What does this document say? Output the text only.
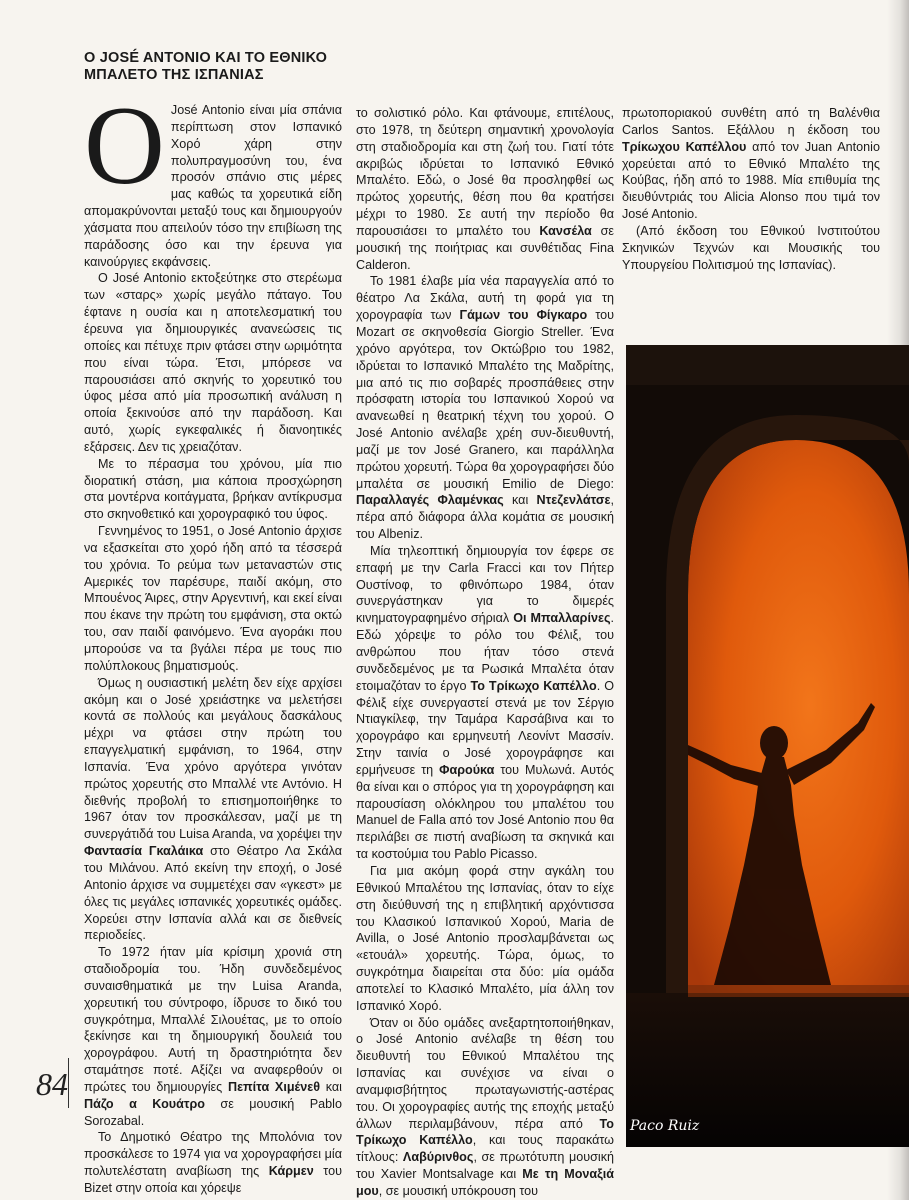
Ο JOSÉ ANTONIO ΚΑΙ ΤΟ ΕΘΝΙΚΟ
ΜΠΑΛΕΤΟ ΤΗΣ ΙΣΠΑΝΙΑΣ

Ο José Antonio είναι μία σπάνια περίπτωση στον Ισπανικό Χορό χάρη στην πολυπραγμοσύνη του, ένα προσόν σπάνιο στις μέρες μας καθώς τα χορευτικά είδη απομακρύνονται μεταξύ τους και δημιουργούν χάσματα που απειλούν τόσο την επιβίωση της παράδοσης όσο και την έρευνα για καινούργιες εκφάνσεις.

Ο José Antonio εκτοξεύτηκε στο στερέωμα των «σταρς» χωρίς μεγάλο πάταγο. Του έφτανε η ουσία και η αποτελεσματική του έρευνα για δημιουργικές ανανεώσεις τις οποίες και πέτυχε πριν φτάσει στην ωριμότητα που είναι τώρα. Έτσι, μπόρεσε να παρουσιάσει από σκηνής το χορευτικό του ύφος μέσα από μία προσωπική ανάλυση η οποία ξεκινούσε από την παράδοση. Και αυτό, χωρίς εγκεφαλικές ή διανοητικές εξάρσεις. Δεν τις χρειαζόταν.

Με το πέρασμα του χρόνου, μία πιο διορατική στάση, μια κάποια προσχώρηση στα μοντέρνα κοιτάγματα, βρήκαν αντίκρυσμα στο σκηνοθετικό και χορογραφικό του ύφος.

Γεννημένος το 1951, ο José Antonio άρχισε να εξασκείται στο χορό ήδη από τα τέσσερά του χρόνια. Το ρεύμα των μεταναστών στις Αμερικές τον παρέσυρε, παιδί ακόμη, στο Μπουένος Άιρες, στην Αργεντινή, και εκεί είναι που έκανε την πρώτη του εμφάνιση, στα οκτώ του, σαν παιδί φαινόμενο. Ένα αγοράκι που μπορούσε να τα βγάλει πέρα με τους πιο πολύπλοκους βηματισμούς.

Όμως η ουσιαστική μελέτη δεν είχε αρχίσει ακόμη και ο José χρειάστηκε να μελετήσει κοντά σε πολλούς και μεγάλους δασκάλους μέχρι να φτάσει στην πρώτη του επαγγελματική εμφάνιση, το 1964, στην Ισπανία. Ένα χρόνο αργότερα γινόταν πρώτος χορευτής στο Μπαλλέ ντε Αντόνιο. Η διεθνής προβολή το επισημοποιήθηκε το 1967 όταν τον προσκάλεσαν, μαζί με τη συνεργάτιδά του Luisa Aranda, να χορέψει την Φαντασία Γκαλάικα στο Θέατρο Λα Σκάλα του Μιλάνου. Από εκείνη την εποχή, ο José Antonio άρχισε να συμμετέχει σαν «γκεστ» με όλες τις μεγάλες ισπανικές χορευτικές ομάδες. Χορεύει στην Ισπανία αλλά και σε διεθνείς περιοδείες.

Το 1972 ήταν μία κρίσιμη χρονιά στη σταδιοδρομία του. Ήδη συνδεδεμένος συναισθηματικά με την Luisa Aranda, χορευτική του σύντροφο, ίδρυσε το δικό του συγκρότημα, Μπαλλέ Σιλουέτας, με το οποίο ξεκίνησε και τη δημιουργική δουλειά του χορογράφου. Αυτή τη δραστηριότητα δεν σταμάτησε ποτέ. Αξίζει να αναφερθούν οι πρώτες του δημιουργίες Πεπίτα Χιμένεθ και Πάζο α Κουάτρο σε μουσική Pablo Sorozabal.

Το Δημοτικό Θέατρο της Μπολόνια τον προσκάλεσε το 1974 για να χορογραφήσει μία πολυτελέστατη αναβίωση της Κάρμεν του Bizet στην οποία και χόρεψε

το σολιστικό ρόλο. Και φτάνουμε, επιτέλους, στο 1978, τη δεύτερη σημαντική χρονολογία στη σταδιοδρομία και στη ζωή του. Γιατί τότε ακριβώς ιδρύεται το Ισπανικό Εθνικό Μπαλέτο. Εδώ, ο José θα προσληφθεί ως πρώτος χορευτής, θέση που θα κρατήσει μέχρι το 1980. Σε αυτή την περίοδο θα παρουσιάσει το μπαλέτο του Κανσέλα σε μουσική της ποιήτριας και συνθέτιδας Fina Calderon.

Το 1981 έλαβε μία νέα παραγγελία από το θέατρο Λα Σκάλα, αυτή τη φορά για τη χορογραφία των Γάμων του Φίγκαρο του Mozart σε σκηνοθεσία Giorgio Streller. Ένα χρόνο αργότερα, τον Οκτώβριο του 1982, ιδρύεται το Ισπανικό Μπαλέτο της Μαδρίτης, μια από τις πιο σοβαρές προσπάθειες στην πρόσφατη ιστορία του Ισπανικού Χορού να ανανεωθεί η θεατρική τέχνη του χορού. Ο José Antonio ανέλαβε χρέη συν-διευθυντή, μαζί με τον José Granero, και παράλληλα πρώτου χορευτή. Τώρα θα χορογραφήσει δύο μπαλέτα σε μουσική Emilio de Diego: Παραλλαγές Φλαμένκας και Ντεζενλάτσε, πέρα από διάφορα άλλα κομάτια σε μουσική του Albeniz.

Μία τηλεοπτική δημιουργία τον έφερε σε επαφή με την Carla Fracci και τον Πήτερ Ουστίνοφ, το φθινόπωρο 1984, όταν συνεργάστηκαν για το διμερές κινηματογραφημένο σήριαλ Οι Μπαλλαρίνες. Εδώ χόρεψε το ρόλο του Φέλιξ, του ανθρώπου που ήταν τόσο στενά συνδεδεμένος με τα Ρωσικά Μπαλέτα όταν ετοιμαζόταν το έργο Το Τρίκωχο Καπέλλο. Ο Φέλιξ είχε συνεργαστεί στενά με τον Σέργιο Ντιαγκίλεφ, την Ταμάρα Καρσάβινα και το χορογράφο και ερμηνευτή Λεονίντ Μασσίν. Στην ταινία ο José χορογράφησε και ερμήνευσε τη Φαρούκα του Μυλωνά. Αυτός θα είναι και ο σπόρος για τη χορογράφηση και παρουσίαση ολόκληρου του μπαλέτου του Manuel de Falla από τον José Antonio που θα περιλάβει σε πιστή αναβίωση τα σκηνικά και τα κοστούμια του Pablo Picasso.

Για μια ακόμη φορά στην αγκάλη του Εθνικού Μπαλέτου της Ισπανίας, όταν το είχε στη διεύθυνσή της η επιβλητική αρχόντισσα του Κλασικού Ισπανικού Χορού, Maria de Avilla, ο José Antonio προσλαμβάνεται ως «ετουάλ» χορευτής. Τώρα, όμως, το συγκρότημα διαιρείται στα δύο: μία ομάδα αποτελεί το Κλασικό Μπαλέτο, μία άλλη τον Ισπανικό Χορό.

Όταν οι δύο ομάδες ανεξαρτητοποιήθηκαν, ο José Antonio ανέλαβε τη θέση του διευθυντή του Εθνικού Μπαλέτου της Ισπανίας και συνέχισε να είναι ο αναμφισβήτητος πρωταγωνιστής-αστέρας του. Οι χορογραφίες αυτής της εποχής μεταξύ άλλων περιλαμβάνουν, πέρα από Το Τρίκωχο Καπέλλο, και τους παρακάτω τίτλους: Λαβύρινθος, σε πρωτότυπη μουσική του Xavier Montsalvage και Με τη Μοναξιά μου, σε μουσική υπόκρουση του

πρωτοποριακού συνθέτη από τη Βαλένθια Carlos Santos. Εξάλλου η έκδοση του Τρίκωχου Καπέλλου από τον Juan Antonio χορεύεται από το Εθνικό Μπαλέτο της Κούβας, ήδη από το 1988. Μία επιθυμία της διευθύντριάς του Alicia Alonso που τιμά τον José Antonio.

(Από έκδοση του Εθνικού Ινστιτούτου Σκηνικών Τεχνών και Μουσικής του Υπουργείου Πολιτισμού της Ισπανίας).

Paco Ruiz
84
